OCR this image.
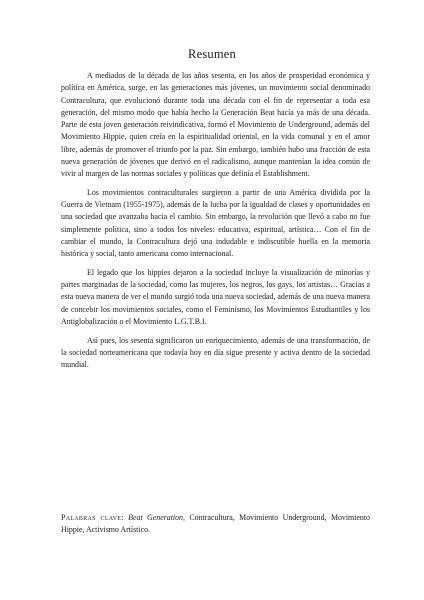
Resumen

A mediados de la década de los años sesenta, en los años de prosperidad económica y política en América, surge, en las generaciones más jóvenes, un movimiento social denominado Contracultura, que evolucionó durante toda una década con el fin de representar a toda esa generación, del mismo modo que había hecho la Generación Beat hacía ya más de una década. Parte de esta joven generación reivindicativa, formó el Movimiento de Underground, además del Movimiento Hippie, quien creía en la espiritualidad oriental, en la vida comunal y en el amor libre, además de promover el triunfo por la paz. Sin embargo, también hubo una fracción de esta nueva generación de jóvenes que derivó en el radicalismo, aunque mantenían la idea común de vivir al margen de las normas sociales y políticas que definía el Establishment.

Los movimientos contraculturales surgieron a partir de una América dividida por la Guerra de Vietnam (1955-1975), además de la lucha por la igualdad de clases y oportunidades en una sociedad que avanzaba hacia el cambio. Sin embargo, la revolución que llevó a cabo no fue simplemente política, sino a todos los niveles: educativa, espiritual, artística… Con el fin de cambiar el mundo, la Contracultura dejó una indudable e indiscutible huella en la memoria histórica y social, tanto americana como internacional.

El legado que los hippies dejaron a la sociedad incluye la visualización de minorías y partes marginadas de la sociedad, como las mujeres, los negros, los gays, los artistas… Gracias a esta nueva manera de ver el mundo surgió toda una nueva sociedad, además de una nueva manera de concebir los movimientos sociales, como el Feminismo, los Movimientos Estudiantiles y los Antiglobalización o el Movimiento L.G.T.B.I.

Así pues, los sesenta significaron un enriquecimiento, además de una transformación, de la sociedad norteamericana que todavía hoy en día sigue presente y activa dentro de la sociedad mundial.

Palabras clave: Beat Generation, Contracultura, Movimiento Underground, Movimiento Hippie, Activismo Artístico.
